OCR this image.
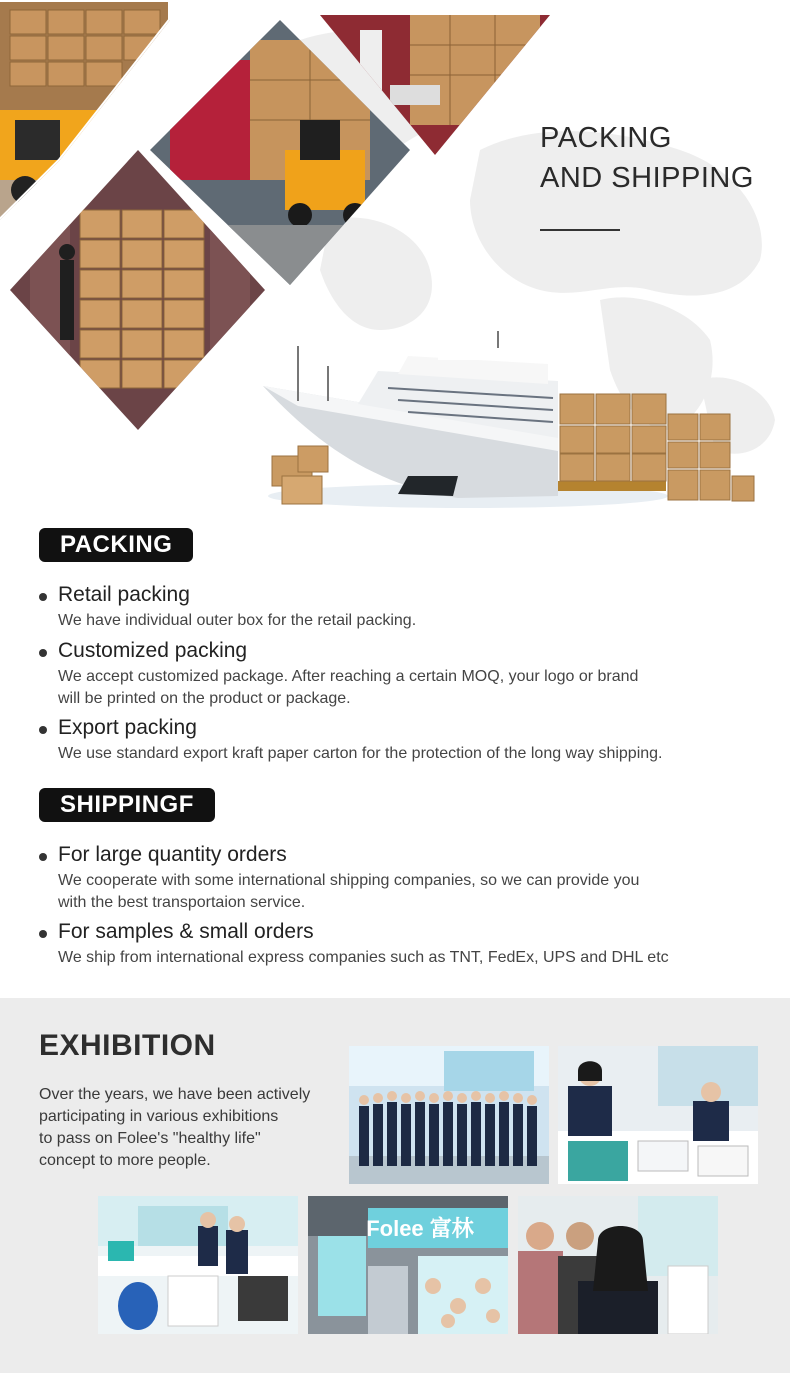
PACKING
AND SHIPPING
PACKING
Retail packing
We have individual outer box for the retail packing.
Customized packing
We accept customized package. After reaching a certain MOQ, your logo or brand
will be printed on the product or package.
Export packing
We use standard export kraft paper carton for the protection of the long way shipping.
SHIPPINGF
For large quantity orders
We cooperate with some international shipping companies, so we can provide you
with the best transportaion service.
For samples & small orders
We ship from international express companies such as TNT, FedEx, UPS and DHL etc
EXHIBITION
Over the years, we have been actively
participating in various exhibitions
to pass on Folee's "healthy life"
concept to more people.
Folee 富林
